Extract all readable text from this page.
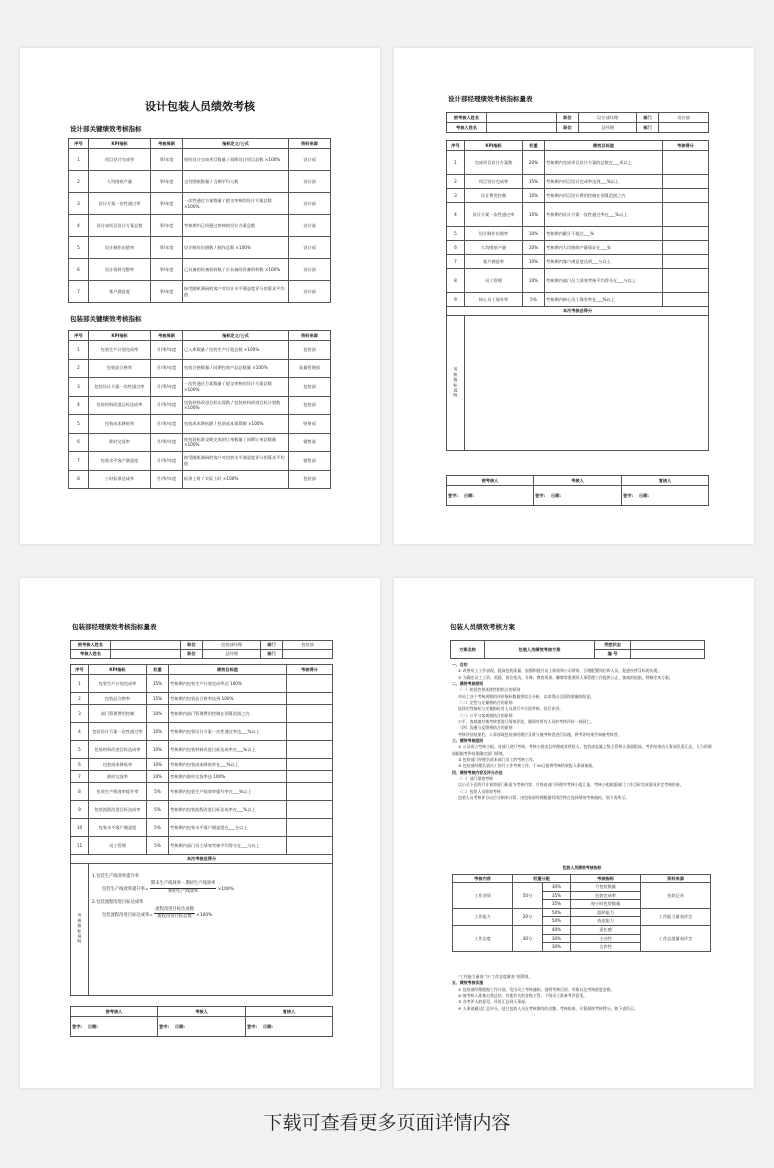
设计包装人员绩效考核
设计部关键绩效考核指标
序号	KPI指标	考核周期	指标定义/公式	资料来源
1	项目设计完成率	季/年度	按时设计完成项目数量 / 同期设计项目总数 ×100%	设计部
2	人均图纸产量	季/年度	交付图纸数量 / 当期平均人数	设计部
3	设计方案一次性通过率	季/年度	一次性通过方案数量 / 提交审核的设计方案总数 ×100%	设计部
4	设计成项目设计方案总数	季/年度	考核期内已经通过审核的设计方案总数	设计部
5	设计制作出错率	季/年度	设计制作出错数 / 制作总数 ×100%	设计部
6	设计资料完整率	季/年度	已具备的设备资料数 / 应具备的设备资料数 ×100%	设计部
7	客户满意度	季/年度	接受随机调研的客户对设计水平满意度评分的算术平均值	设计部
包装部关键绩效考核指标
序号	KPI指标	考核周期	指标定义/公式	资料来源
1	包装生产计划完成率	月/季/年度	已入库数量 / 包装生产计划总数 ×100%	包装部
2	包装品合格率	月/季/年度	包装合格数量 / 同期包装产品总数量 ×100%	质量管理部
3	包装设计方案一次性通过率	月/季/年度	一次性通过方案数量 / 提交审核的设计方案总数 ×100%	包装部
4	包装材料改进目标达成率	月/季/年度	包装材料改进目标实现数 / 包装材料改进目标计划数 ×100%	包装部
5	包装成本降低率	月/季/年度	包装成本降低额 / 包装成本预算额 ×100%	财务部
6	准时交货率	月/季/年度	按包装标准交期完成的订单数量 / 同期订单总数量 ×100%	销售部
7	包装水平客户满意度	月/季/年度	接受随机调研的客户对包装水平满意度评分的算术平均值	销售部
8	工时标准达成率	月/季/年度	标准工时 / 实际工时 ×100%	包装部
设计部经理绩效考核指标量表
被考核人姓名		职位	设计部经理	部门	设计部
考核人姓名		职位	总经理	部门	
序号	KPI指标	权重	绩效目标值	考核得分
1	完成项目设计方案数	20%	考核期内完成项目设计方案的总数在___项以上	
2	项目设计完成率	15%	考核期内项目设计完成率达到___%以上	
3	设计费用控制	10%	考核期内项目设计费用控制在预算范围之内	
4	设计方案一次性通过率	10%	考核期内设计方案一次性通过率在___%以上	
5	设计制作出错率	10%	考核期内累计不超过___%	
6	人均图纸产量	10%	考核期内人均图纸产量保证在___张	
7	客户满意率	10%	考核期内客户满意度达到___分以上	
8	员工管理	10%	考核期内部门员工绩效考核平均得分在___分以上	
9	核心员工保有率	5%	考核期内核心员工保有率在___%以上	
本次考核总得分				
考核指标说明				
被考核人	考核人	复核人
签字: 日期:	签字: 日期:	签字: 日期:
包装部经理绩效考核指标量表
被考核人姓名		职位	包装部经理	部门	包装部
考核人姓名		职位	总经理	部门	
序号	KPI指标	权重	绩效目标值	考核得分
1	包装生产计划完成率	15%	考核期内包装生产计划完成率达 100%	
2	包装品合格率	15%	考核期内包装品合格率达到 100%	
3	部门管理费用控制	10%	考核期内部门管理费用控制在预算范围之内	
4	包装设计方案一次性通过率	10%	考核期内包装设计方案一次性通过率达___%以上	
5	包装材料改进目标达成率	10%	考核期内包装材料改进目标达成率在___%以上	
6	包装成本降低率	10%	考核期内包装成本降低率在___%以上	
7	准时交货率	10%	考核期内准时交货率达 100%	
8	包装生产线效率提升率	5%	考核期内包装生产线效率提升率在___%以上	
9	包装流程改进目标达成率	5%	考核期内包装流程改进目标达成率在___%以上	
10	包装水平客户满意度	5%	考核期内包装水平客户满意度在___分以上	
11	员工管理	5%	考核期内部门员工绩效考核平均得分在___分以上	
本次考核总得分				
考核指标说明				
1.包装生产线效率提升率
包装生产线效率提升率= $\frac{\text{期末生产线效率－期初生产线效率}}{\text{期初生产线效率}} \times 100\%$
2.包装流程改进目标达成率
包装流程改进目标达成率= $\frac{\text{流程改进目标达成数}}{\text{流程改进目标总数}} \times 100\%$
被考核人	考核人	复核人
签字: 日期:	签字: 日期:	签字: 日期:
包装人员绩效考核方案
方案名称	包装人员绩效考核方案	受控状态	
		编 号	

一、目的

① 改善员工工作表现，提高包装质量，加强和提升员工绩效和公司绩效，合理配置岗位和人员，促进经营目标的实现。

② 为确定员工工资、奖励、岗位变动、升降、教育培训、解聘等重要的人事管理工作提供公正、客观的依据，特制定本方案。

二、绩效考核原则

（一）阶段性和连续性相结合的原则

对员工各个考核周期的评价指标数据要综合分析，以求得出全面和准确的结论。

（二）定性与定量相结合的原则

选择定性指标与定量指标对人员进行多方面考核，综合评价。

（三）公平与客观相结合的原则

公平、客观地对被考核者进行绩效评估，做到对所有人员的考核评价一视同仁。

（四）沟通与反馈相结合的原则

考核评估结束后，人事部或包装部经理应及时与被考核者进行沟通，将考评结果告知被考核者。

三、绩效考核组织

① 公司成立考核小组，对部门进行考核。考核小组由总经理或其授权人、包装部直属上级主管和人事部组成。考评结果由人事部负责汇总、人力资源部根据考评结果确定部门绩效。

② 包装部门经理负责本部门员工的考核工作。

③ 包装部经理负责员工的月工作考核工作，于30日前将考核结果报人事部备案。

四、绩效考核内容及评分办法

（一）部门绩效考核

以公司下达的月计划和部门职责为考核内容，月终由部门经理对考核小组汇报，考核小组根据部门工作目标完成情况评定考核结果。

（二）包装人员绩效考核

包装人员考核评分以百分制来计算，由包装部经理根据其岗位特点选择绩效考核指标，如下表所示。

包装人员绩效考核指标
考核内容	权重分配		考核指标	资料来源
工作业绩	50分	30%	月包装数量	包装记录
		35%	包装完成率	
		35%	每小时包装数量	
工作能力	20分	50%	组织能力	工作能力量表评定
		50%	表达能力	
工作态度	30分	40%	责任感	工作态度量表评定
		30%	主动性	
		30%	合作性	

“工作能力量表”与“工作态度量表”见附则。

五、绩效考核实施

① 包装部经理根据工作计划，发出员工考核通知，说明考核目的、对象以及考核进度安排。

② 被考核人准备自我总结，其他有关的各级主管、下级员工准备考评意见。

③ 各考评人的意见，评语汇总到人事部。

④ 人事部通过汇总评分，结合包装人员在考核期内的出勤、考核结果，计算最终考核得分，如下表所示。

下载可查看更多页面详情内容
